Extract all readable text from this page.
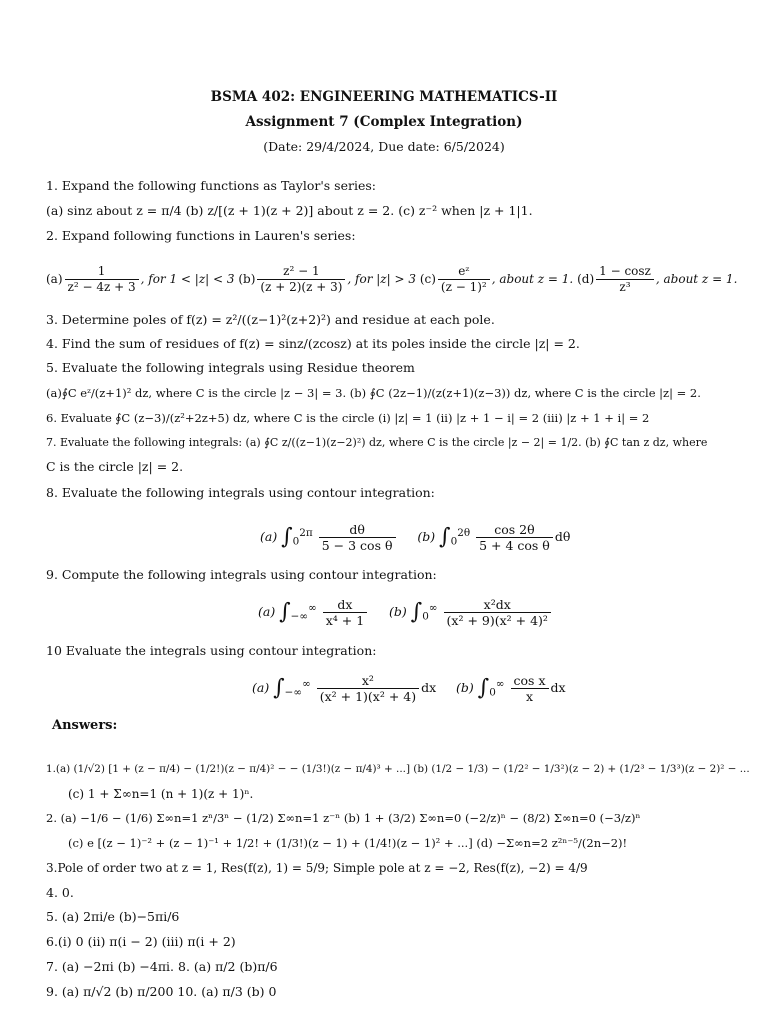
BSMA 402: ENGINEERING MATHEMATICS-II
Assignment 7 (Complex Integration)
(Date: 29/4/2024, Due date: 6/5/2024)
1. Expand the following functions as Taylor's series:
(a) sinz about z = π/4 (b) z/[(z + 1)(z + 2)] about z = 2. (c) z⁻² when |z + 1|1.
2. Expand following functions in Lauren's series:
$(a) \frac{1}{\text{z² − 4z + 3}}$ , for 1 < |z| < 3 $(b) \frac{\text{z² − 1}}{(z + 2)(z + 3)}$ , for |z| > 3 $(c) \frac{\text{eᶻ}}{\text{(z − 1)²}}$ , about z = 1. $(d) \frac{1 - \cos z}{\text{z³}}$ , about z = 1.
3. Determine poles of f(z) = z²/((z−1)²(z+2)²) and residue at each pole.
4. Find the sum of residues of f(z) = sinz/(zcosz) at its poles inside the circle |z| = 2.
5. Evaluate the following integrals using Residue theorem
(a)∮C eᶻ/(z+1)² dz, where C is the circle |z − 3| = 3. (b) ∮C (2z−1)/(z(z+1)(z−3)) dz, where C is the circle |z| = 2.
6. Evaluate ∮C (z−3)/(z²+2z+5) dz, where C is the circle (i) |z| = 1 (ii) |z + 1 − i| = 2 (iii) |z + 1 + i| = 2
7. Evaluate the following integrals: (a) ∮C z/((z−1)(z−2)²) dz, where C is the circle |z − 2| = 1/2. (b) ∮C tan z dz, where
C is the circle |z| = 2.
8. Evaluate the following integrals using contour integration:
(a) $\int_0^{2\pi} \frac{d\theta}{\text{5 − 3 cos θ}} (b)$ $\int_0^{2\theta} \frac{\cos 2\theta}{\text{5 + 4 cos θ}}$ dθ
9. Compute the following integrals using contour integration:
(a) $\int_{-\infty}^\infty \frac{dx}{\text{x⁴ + 1}} (b)$ $\int_0^\infty \frac{\text{x²dx}}{\text{(x² + 9)(x² + 4)²}}$
10 Evaluate the integrals using contour integration:
(a) $\int_{-\infty}^\infty \frac{\text{x²}}{\text{(x² + 1)(x² + 4)}}$ dx (b) $\int_0^\infty \frac{\text{cos x}}{x}$ dx
Answers:
1.(a) (1/√2) [1 + (z − π/4) − (1/2!)(z − π/4)² − − (1/3!)(z − π/4)³ + ...] (b) (1/2 − 1/3) − (1/2² − 1/3²)(z − 2) + (1/2³ − 1/3³)(z − 2)² − ...
(c) 1 + Σ∞n=1 (n + 1)(z + 1)ⁿ.
2. (a) −1/6 − (1/6) Σ∞n=1 zⁿ/3ⁿ − (1/2) Σ∞n=1 z⁻ⁿ (b) 1 + (3/2) Σ∞n=0 (−2/z)ⁿ − (8/2) Σ∞n=0 (−3/z)ⁿ
(c) e [(z − 1)⁻² + (z − 1)⁻¹ + 1/2! + (1/3!)(z − 1) + (1/4!)(z − 1)² + ...] (d) −Σ∞n=2 z²ⁿ⁻⁵/(2n−2)!
3.Pole of order two at z = 1, Res(f(z), 1) = 5/9; Simple pole at z = −2, Res(f(z), −2) = 4/9
4. 0.
5. (a) 2πi/e (b)−5πi/6
6.(i) 0 (ii) π(i − 2) (iii) π(i + 2)
7. (a) −2πi (b) −4πi. 8. (a) π/2 (b)π/6
9. (a) π/√2 (b) π/200 10. (a) π/3 (b) 0
